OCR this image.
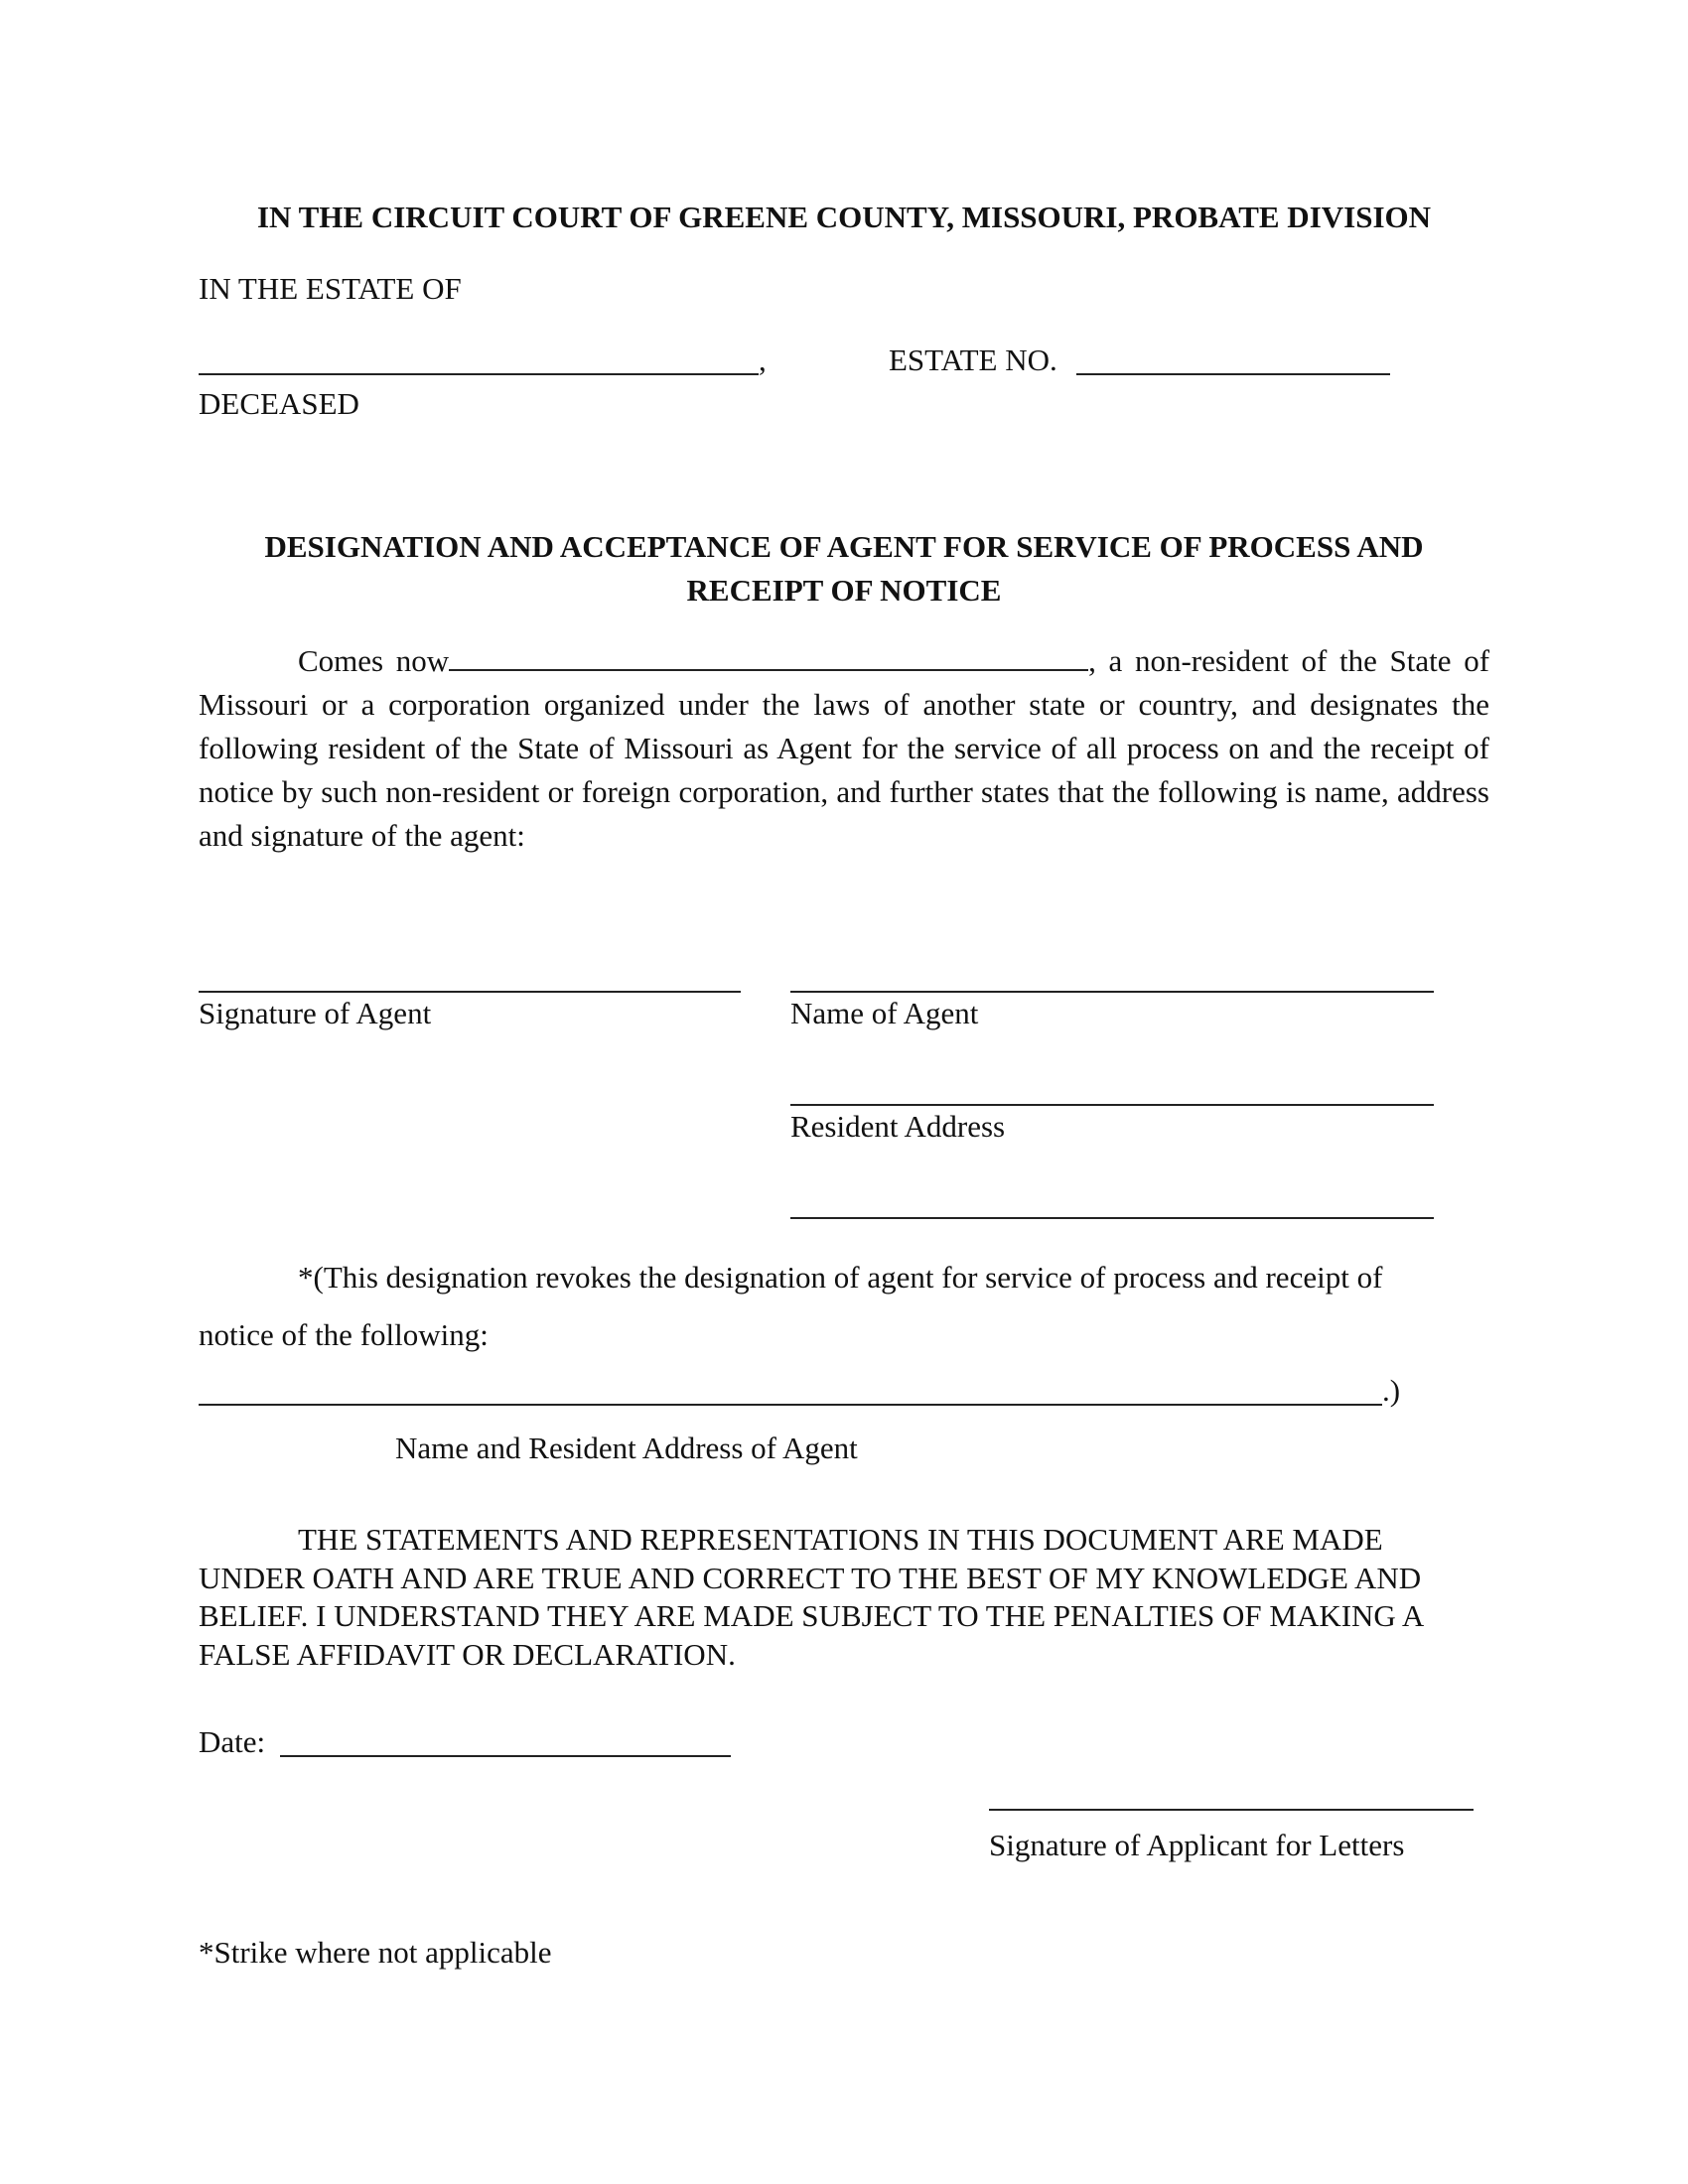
IN THE CIRCUIT COURT OF GREENE COUNTY, MISSOURI, PROBATE DIVISION
IN THE ESTATE OF
,	ESTATE NO.
DECEASED
DESIGNATION AND ACCEPTANCE OF AGENT FOR SERVICE OF PROCESS AND
RECEIPT OF NOTICE
Comes now	, a non-resident of the State of Missouri or a corporation organized under the laws of another state or country, and designates the following resident of the State of Missouri as Agent for the service of all process on and the receipt of notice by such non-resident or foreign corporation, and further states that the following is name, address and signature of the agent:
Signature of Agent	Name of Agent
Resident Address
*(This designation revokes the designation of agent for service of process and receipt of
notice of the following:
.)
Name and Resident Address of Agent
THE STATEMENTS AND REPRESENTATIONS IN THIS DOCUMENT ARE MADE UNDER OATH AND ARE TRUE AND CORRECT TO THE BEST OF MY KNOWLEDGE AND BELIEF. I UNDERSTAND THEY ARE MADE SUBJECT TO THE PENALTIES OF MAKING A FALSE AFFIDAVIT OR DECLARATION.
Date:
Signature of Applicant for Letters
*Strike where not applicable
